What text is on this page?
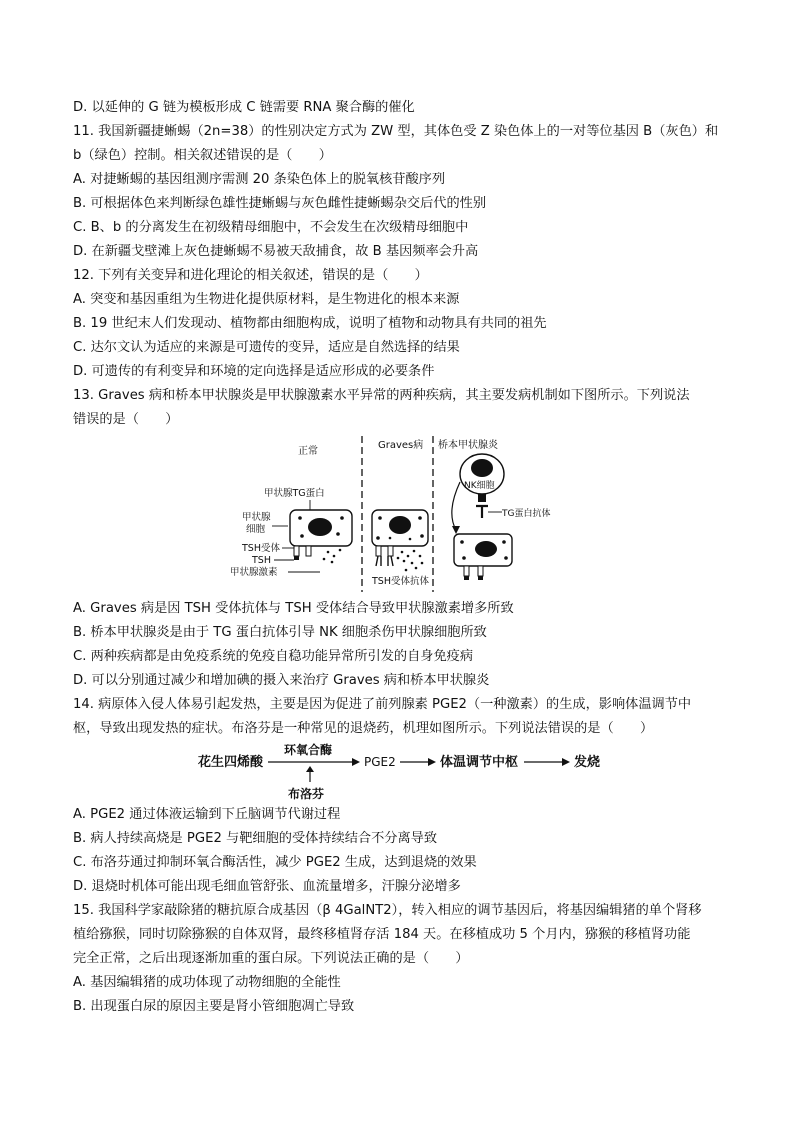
D. 以延伸的 G 链为模板形成 C 链需要 RNA 聚合酶的催化
11. 我国新疆捷蜥蜴（2n=38）的性别决定方式为 ZW 型，其体色受 Z 染色体上的一对等位基因 B（灰色）和
b（绿色）控制。相关叙述错误的是（　　）
A. 对捷蜥蜴的基因组测序需测 20 条染色体上的脱氧核苷酸序列
B. 可根据体色来判断绿色雄性捷蜥蜴与灰色雌性捷蜥蜴杂交后代的性别
C. B、b 的分离发生在初级精母细胞中，不会发生在次级精母细胞中
D. 在新疆戈壁滩上灰色捷蜥蜴不易被天敌捕食，故 B 基因频率会升高
12. 下列有关变异和进化理论的相关叙述，错误的是（　　）
A. 突变和基因重组为生物进化提供原材料，是生物进化的根本来源
B. 19 世纪末人们发现动、植物都由细胞构成，说明了植物和动物具有共同的祖先
C. 达尔文认为适应的来源是可遗传的变异，适应是自然选择的结果
D. 可遗传的有利变异和环境的定向选择是适应形成的必要条件
13. Graves 病和桥本甲状腺炎是甲状腺激素水平异常的两种疾病，其主要发病机制如下图所示。下列说法
错误的是（　　）
正常
Graves病 桥本甲状腺炎
甲状腺TG蛋白
甲状腺
细胞
TSH受体
TSH
甲状腺激素
TSH受体抗体
NK细胞
TG蛋白抗体
A. Graves 病是因 TSH 受体抗体与 TSH 受体结合导致甲状腺激素增多所致
B. 桥本甲状腺炎是由于 TG 蛋白抗体引导 NK 细胞杀伤甲状腺细胞所致
C. 两种疾病都是由免疫系统的免疫自稳功能异常所引发的自身免疫病
D. 可以分别通过减少和增加碘的摄入来治疗 Graves 病和桥本甲状腺炎
14. 病原体入侵人体易引起发热，主要是因为促进了前列腺素 PGE2（一种激素）的生成，影响体温调节中
枢，导致出现发热的症状。布洛芬是一种常见的退烧药，机理如图所示。下列说法错误的是（　　）
花生四烯酸
环氧合酶
PGE2	体温调节中枢	发烧
布洛芬
A. PGE2 通过体液运输到下丘脑调节代谢过程
B. 病人持续高烧是 PGE2 与靶细胞的受体持续结合不分离导致
C. 布洛芬通过抑制环氧合酶活性，减少 PGE2 生成，达到退烧的效果
D. 退烧时机体可能出现毛细血管舒张、血流量增多，汗腺分泌增多
15. 我国科学家敲除猪的糖抗原合成基因（β 4GalNT2），转入相应的调节基因后，将基因编辑猪的单个肾移
植给猕猴，同时切除猕猴的自体双肾，最终移植肾存活 184 天。在移植成功 5 个月内，猕猴的移植肾功能
完全正常，之后出现逐渐加重的蛋白尿。下列说法正确的是（　　）
A. 基因编辑猪的成功体现了动物细胞的全能性
B. 出现蛋白尿的原因主要是肾小管细胞凋亡导致
